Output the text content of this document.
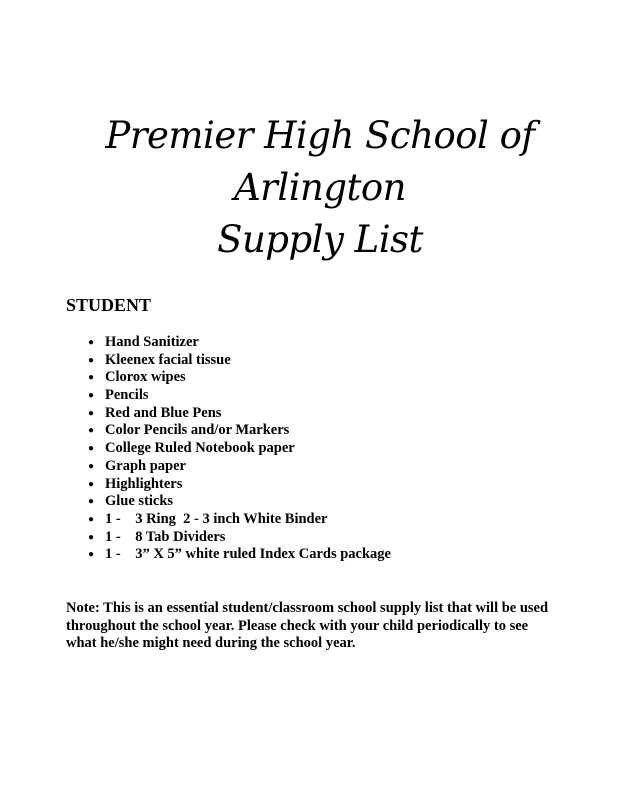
Premier High School of
Arlington
Supply List
STUDENT
● Hand Sanitizer
● Kleenex facial tissue
● Clorox wipes
● Pencils
● Red and Blue Pens
● Color Pencils and/or Markers
● College Ruled Notebook paper
● Graph paper
● Highlighters
● Glue sticks
● 1 -    3 Ring  2 - 3 inch White Binder
● 1 -    8 Tab Dividers
● 1 -    3” X 5” white ruled Index Cards package
Note: This is an essential student/classroom school supply list that will be used
throughout the school year. Please check with your child periodically to see
what he/she might need during the school year.
